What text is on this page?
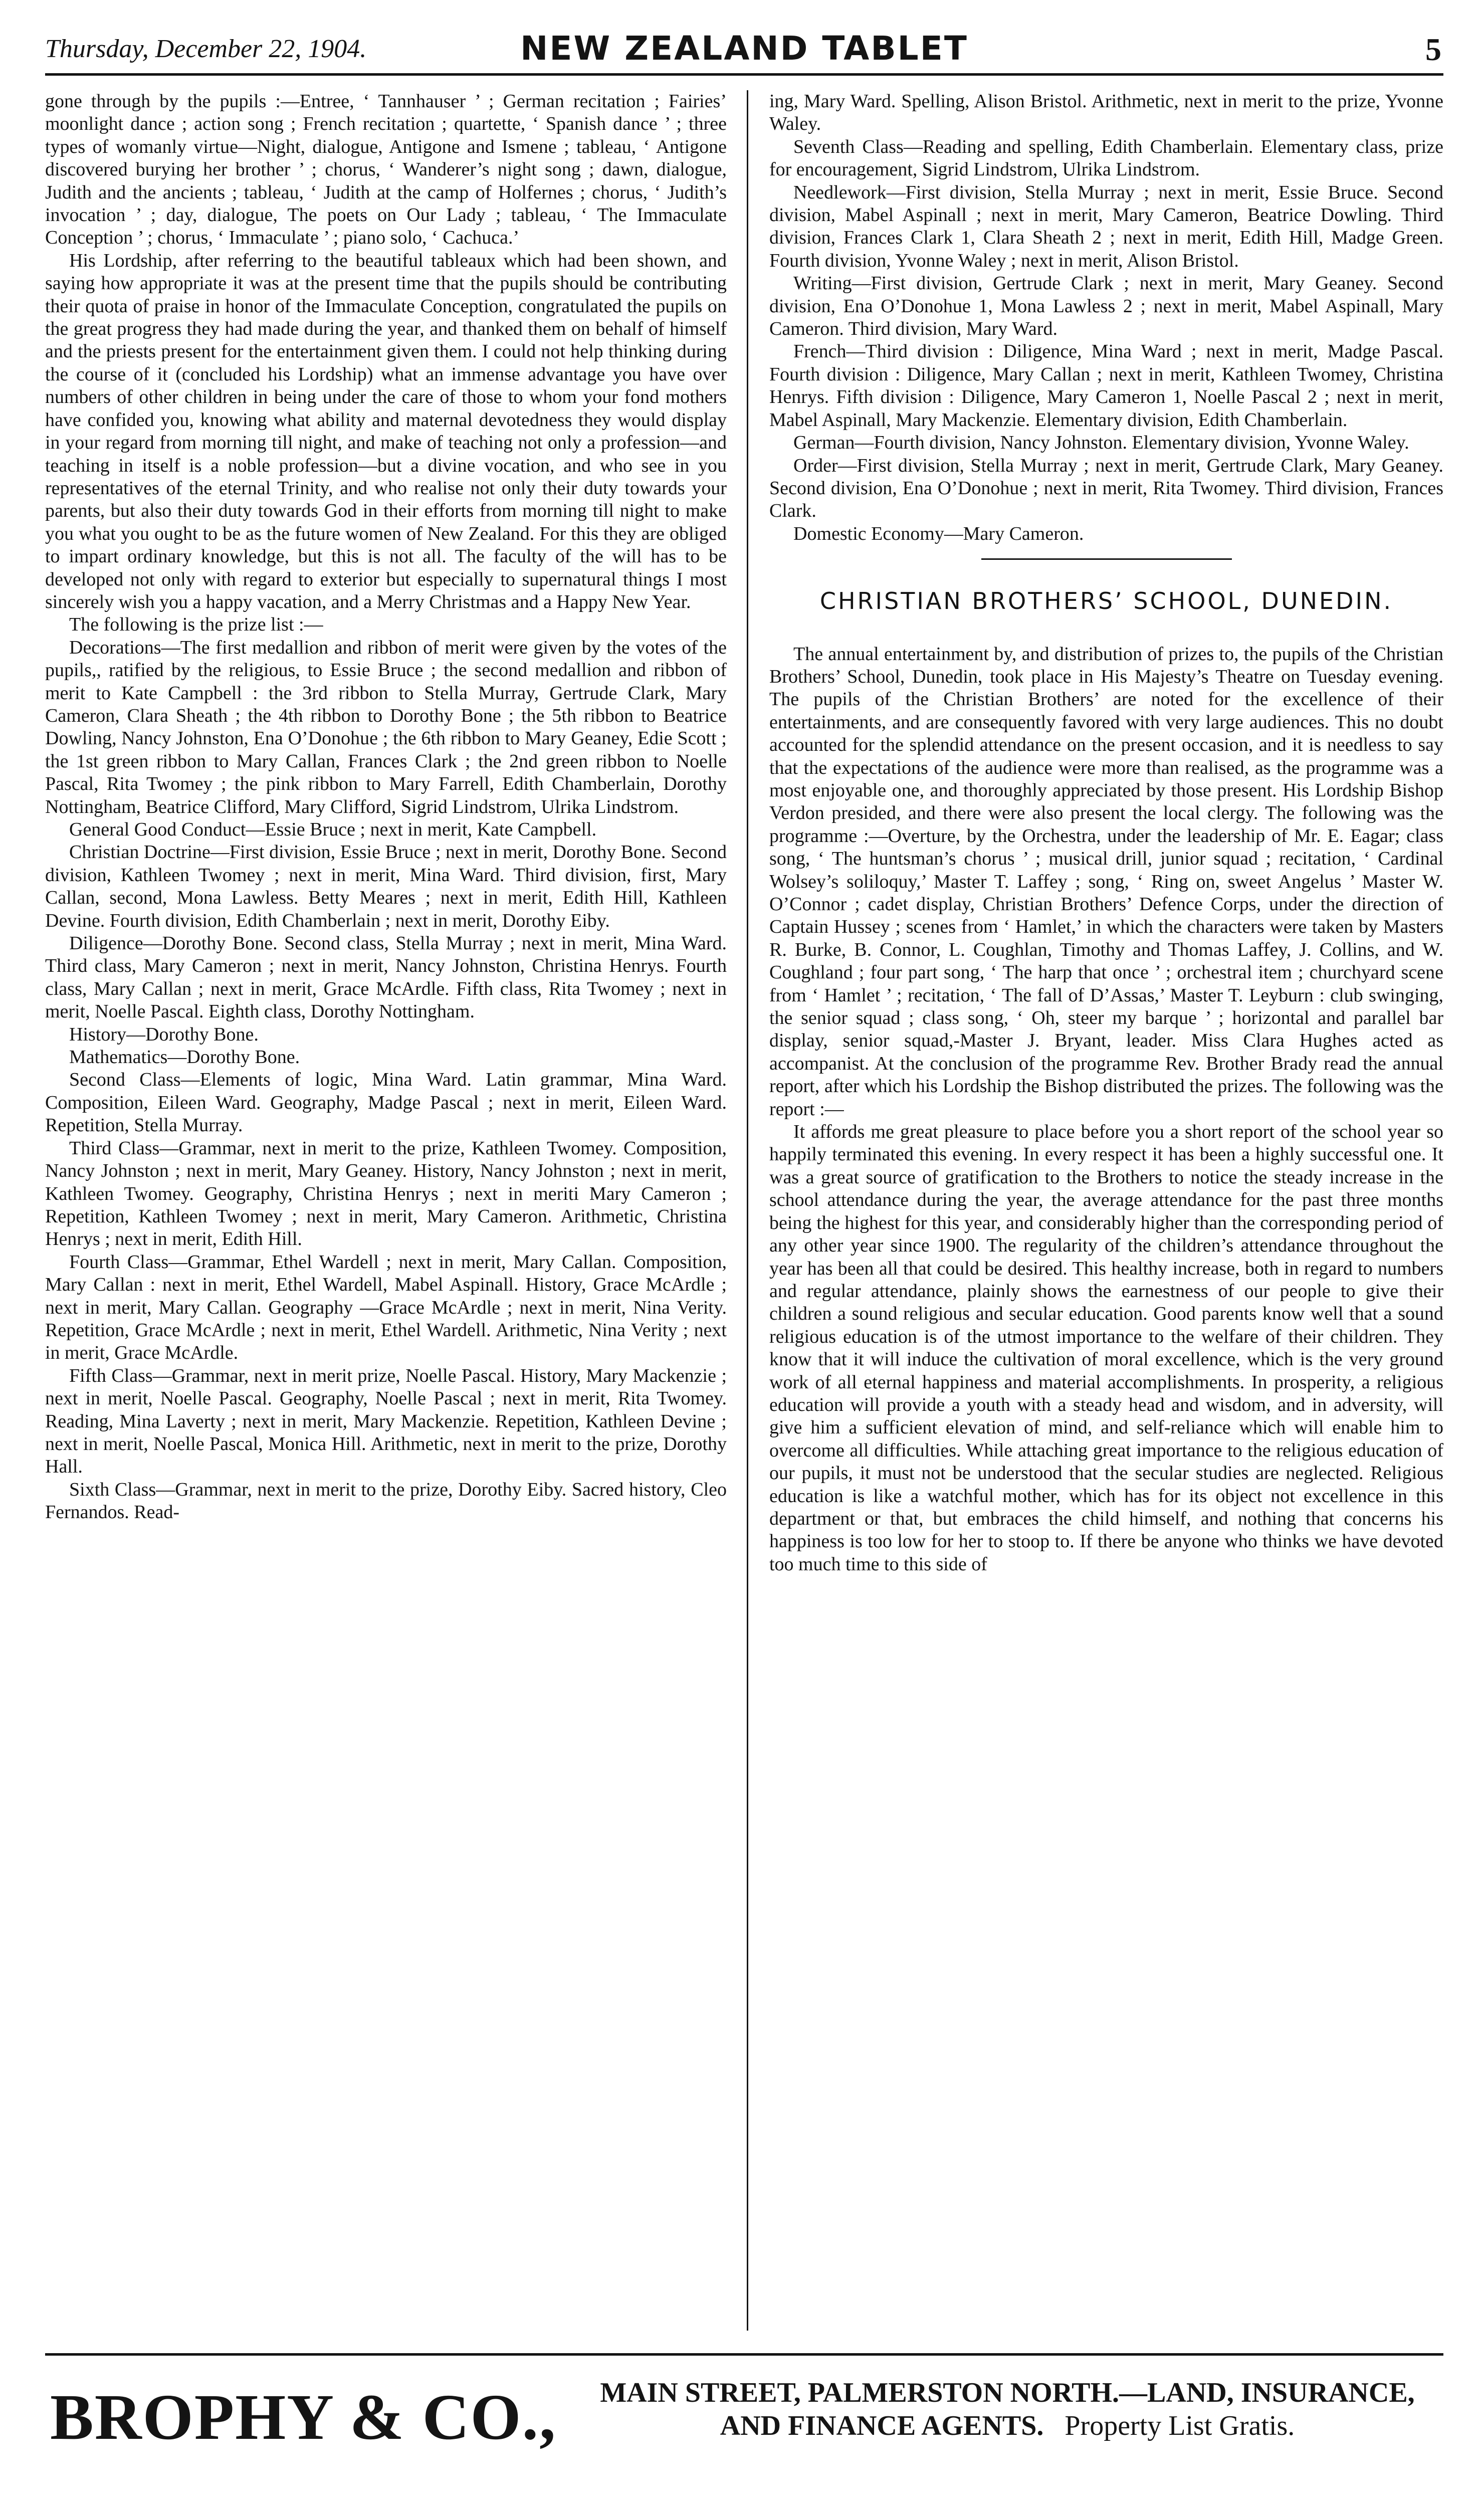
Thursday, December 22, 1904.	NEW ZEALAND TABLET	5

gone through by the pupils :—Entree, ‘ Tannhauser ’ ; German recitation ; Fairies’ moonlight dance ; action song ; French recitation ; quartette, ‘ Spanish dance ’ ; three types of womanly virtue—Night, dialogue, Antigone and Ismene ; tableau, ‘ Antigone discovered burying her brother ’ ; chorus, ‘ Wanderer’s night song ; dawn, dialogue, Judith and the ancients ; tableau, ‘ Judith at the camp of Holfernes ; chorus, ‘ Judith’s invocation ’ ; day, dialogue, The poets on Our Lady ; tableau, ‘ The Immaculate Conception ’ ; chorus, ‘ Immaculate ’ ; piano solo, ‘ Cachuca.’

His Lordship, after referring to the beautiful tableaux which had been shown, and saying how appropriate it was at the present time that the pupils should be contributing their quota of praise in honor of the Immaculate Conception, congratulated the pupils on the great progress they had made during the year, and thanked them on behalf of himself and the priests present for the entertainment given them. I could not help thinking during the course of it (concluded his Lordship) what an immense advantage you have over numbers of other children in being under the care of those to whom your fond mothers have confided you, knowing what ability and maternal devotedness they would display in your regard from morning till night, and make of teaching not only a profession—and teaching in itself is a noble profession—but a divine vocation, and who see in you representatives of the eternal Trinity, and who realise not only their duty towards your parents, but also their duty towards God in their efforts from morning till night to make you what you ought to be as the future women of New Zealand. For this they are obliged to impart ordinary knowledge, but this is not all. The faculty of the will has to be developed not only with regard to exterior but especially to supernatural things I most sincerely wish you a happy vacation, and a Merry Christmas and a Happy New Year.

The following is the prize list :—

Decorations—The first medallion and ribbon of merit were given by the votes of the pupils,, ratified by the religious, to Essie Bruce ; the second medallion and ribbon of merit to Kate Campbell : the 3rd ribbon to Stella Murray, Gertrude Clark, Mary Cameron, Clara Sheath ; the 4th ribbon to Dorothy Bone ; the 5th ribbon to Beatrice Dowling, Nancy Johnston, Ena O’Donohue ; the 6th ribbon to Mary Geaney, Edie Scott ; the 1st green ribbon to Mary Callan, Frances Clark ; the 2nd green ribbon to Noelle Pascal, Rita Twomey ; the pink ribbon to Mary Farrell, Edith Chamberlain, Dorothy Nottingham, Beatrice Clifford, Mary Clifford, Sigrid Lindstrom, Ulrika Lindstrom.

General Good Conduct—Essie Bruce ; next in merit, Kate Campbell.

Christian Doctrine—First division, Essie Bruce ; next in merit, Dorothy Bone. Second division, Kathleen Twomey ; next in merit, Mina Ward. Third division, first, Mary Callan, second, Mona Lawless. Betty Meares ; next in merit, Edith Hill, Kathleen Devine. Fourth division, Edith Chamberlain ; next in merit, Dorothy Eiby.

Diligence—Dorothy Bone. Second class, Stella Murray ; next in merit, Mina Ward. Third class, Mary Cameron ; next in merit, Nancy Johnston, Christina Henrys. Fourth class, Mary Callan ; next in merit, Grace McArdle. Fifth class, Rita Twomey ; next in merit, Noelle Pascal. Eighth class, Dorothy Nottingham.

History—Dorothy Bone.

Mathematics—Dorothy Bone.

Second Class—Elements of logic, Mina Ward. Latin grammar, Mina Ward. Composition, Eileen Ward. Geography, Madge Pascal ; next in merit, Eileen Ward. Repetition, Stella Murray.

Third Class—Grammar, next in merit to the prize, Kathleen Twomey. Composition, Nancy Johnston ; next in merit, Mary Geaney. History, Nancy Johnston ; next in merit, Kathleen Twomey. Geography, Christina Henrys ; next in meriti Mary Cameron ; Repetition, Kathleen Twomey ; next in merit, Mary Cameron. Arithmetic, Christina Henrys ; next in merit, Edith Hill.

Fourth Class—Grammar, Ethel Wardell ; next in merit, Mary Callan. Composition, Mary Callan : next in merit, Ethel Wardell, Mabel Aspinall. History, Grace McArdle ; next in merit, Mary Callan. Geography —Grace McArdle ; next in merit, Nina Verity. Repetition, Grace McArdle ; next in merit, Ethel Wardell. Arithmetic, Nina Verity ; next in merit, Grace McArdle.

Fifth Class—Grammar, next in merit prize, Noelle Pascal. History, Mary Mackenzie ; next in merit, Noelle Pascal. Geography, Noelle Pascal ; next in merit, Rita Twomey. Reading, Mina Laverty ; next in merit, Mary Mackenzie. Repetition, Kathleen Devine ; next in merit, Noelle Pascal, Monica Hill. Arithmetic, next in merit to the prize, Dorothy Hall.

Sixth Class—Grammar, next in merit to the prize, Dorothy Eiby. Sacred history, Cleo Fernandos. Read-

ing, Mary Ward. Spelling, Alison Bristol. Arithmetic, next in merit to the prize, Yvonne Waley.

Seventh Class—Reading and spelling, Edith Chamberlain. Elementary class, prize for encouragement, Sigrid Lindstrom, Ulrika Lindstrom.

Needlework—First division, Stella Murray ; next in merit, Essie Bruce. Second division, Mabel Aspinall ; next in merit, Mary Cameron, Beatrice Dowling. Third division, Frances Clark 1, Clara Sheath 2 ; next in merit, Edith Hill, Madge Green. Fourth division, Yvonne Waley ; next in merit, Alison Bristol.

Writing—First division, Gertrude Clark ; next in merit, Mary Geaney. Second division, Ena O’Donohue 1, Mona Lawless 2 ; next in merit, Mabel Aspinall, Mary Cameron. Third division, Mary Ward.

French—Third division : Diligence, Mina Ward ; next in merit, Madge Pascal. Fourth division : Diligence, Mary Callan ; next in merit, Kathleen Twomey, Christina Henrys. Fifth division : Diligence, Mary Cameron 1, Noelle Pascal 2 ; next in merit, Mabel Aspinall, Mary Mackenzie. Elementary division, Edith Chamberlain.

German—Fourth division, Nancy Johnston. Elementary division, Yvonne Waley.

Order—First division, Stella Murray ; next in merit, Gertrude Clark, Mary Geaney. Second division, Ena O’Donohue ; next in merit, Rita Twomey. Third division, Frances Clark.

Domestic Economy—Mary Cameron.

CHRISTIAN BROTHERS’ SCHOOL, DUNEDIN.

The annual entertainment by, and distribution of prizes to, the pupils of the Christian Brothers’ School, Dunedin, took place in His Majesty’s Theatre on Tuesday evening. The pupils of the Christian Brothers’ are noted for the excellence of their entertainments, and are consequently favored with very large audiences. This no doubt accounted for the splendid attendance on the present occasion, and it is needless to say that the expectations of the audience were more than realised, as the programme was a most enjoyable one, and thoroughly appreciated by those present. His Lordship Bishop Verdon presided, and there were also present the local clergy. The following was the programme :—Overture, by the Orchestra, under the leadership of Mr. E. Eagar; class song, ‘ The huntsman’s chorus ’ ; musical drill, junior squad ; recitation, ‘ Cardinal Wolsey’s soliloquy,’ Master T. Laffey ; song, ‘ Ring on, sweet Angelus ’ Master W. O’Connor ; cadet display, Christian Brothers’ Defence Corps, under the direction of Captain Hussey ; scenes from ‘ Hamlet,’ in which the characters were taken by Masters R. Burke, B. Connor, L. Coughlan, Timothy and Thomas Laffey, J. Collins, and W. Coughland ; four part song, ‘ The harp that once ’ ; orchestral item ; churchyard scene from ‘ Hamlet ’ ; recitation, ‘ The fall of D’Assas,’ Master T. Leyburn : club swinging, the senior squad ; class song, ‘ Oh, steer my barque ’ ; horizontal and parallel bar display, senior squad,-Master J. Bryant, leader. Miss Clara Hughes acted as accompanist. At the conclusion of the programme Rev. Brother Brady read the annual report, after which his Lordship the Bishop distributed the prizes. The following was the report :—

It affords me great pleasure to place before you a short report of the school year so happily terminated this evening. In every respect it has been a highly successful one. It was a great source of gratification to the Brothers to notice the steady increase in the school attendance during the year, the average attendance for the past three months being the highest for this year, and considerably higher than the corresponding period of any other year since 1900. The regularity of the children’s attendance throughout the year has been all that could be desired. This healthy increase, both in regard to numbers and regular attendance, plainly shows the earnestness of our people to give their children a sound religious and secular education. Good parents know well that a sound religious education is of the utmost importance to the welfare of their children. They know that it will induce the cultivation of moral excellence, which is the very ground work of all eternal happiness and material accomplishments. In prosperity, a religious education will provide a youth with a steady head and wisdom, and in adversity, will give him a sufficient elevation of mind, and self-reliance which will enable him to overcome all difficulties. While attaching great importance to the religious education of our pupils, it must not be understood that the secular studies are neglected. Religious education is like a watchful mother, which has for its object not excellence in this department or that, but embraces the child himself, and nothing that concerns his happiness is too low for her to stoop to. If there be anyone who thinks we have devoted too much time to this side of

BROPHY & CO.,	MAIN STREET, PALMERSTON NORTH.—LAND, INSURANCE,
AND FINANCE AGENTS. Property List Gratis.
